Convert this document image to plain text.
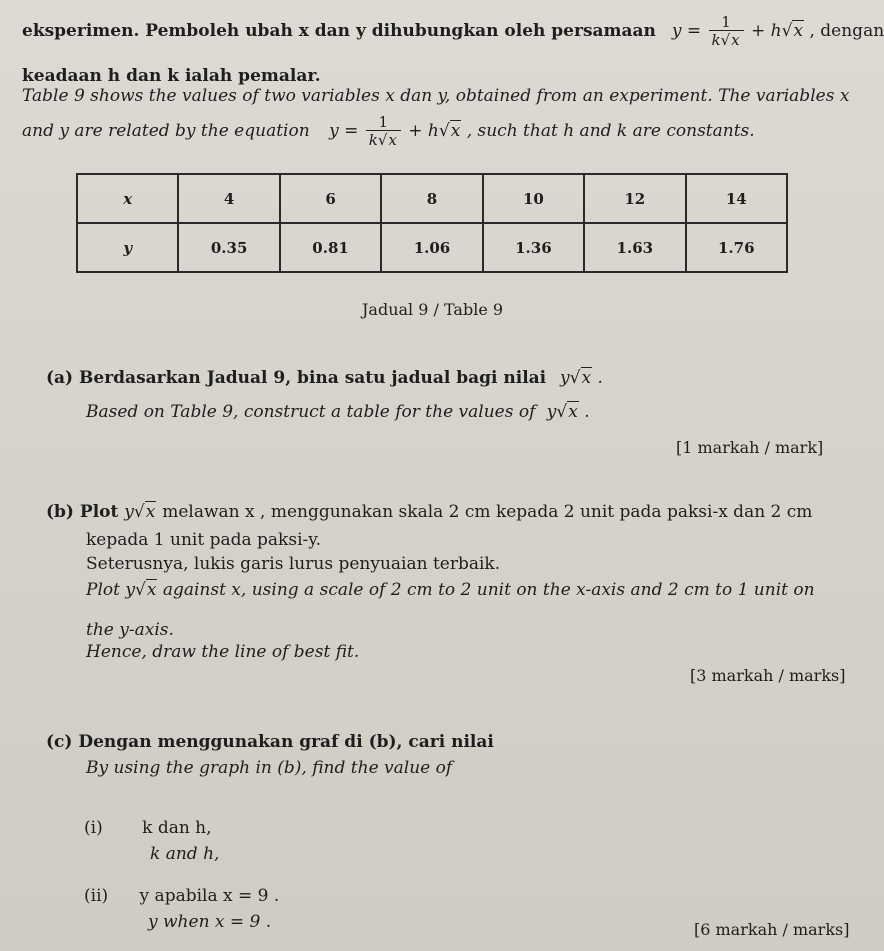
eksperimen. Pemboleh ubah x dan y dihubungkan oleh persamaan $y = \frac{1}{k√x} + h√x$ , dengan
keadaan h dan k ialah pemalar.
Table 9 shows the values of two variables x dan y, obtained from an experiment. The variables x
and y are related by the equation $y = \frac{1}{k√x} + h√x$ , such that h and k are constants.
x	4	6	8	10	12	14
y	0.35	0.81	1.06	1.36	1.63	1.76
Jadual 9 / Table 9
(a) Berdasarkan Jadual 9, bina satu jadual bagi nilai y√x .
Based on Table 9, construct a table for the values of y√x .
[1 markah / mark]
(b) Plot y√x melawan x , menggunakan skala 2 cm kepada 2 unit pada paksi-x dan 2 cm
kepada 1 unit pada paksi-y.
Seterusnya, lukis garis lurus penyuaian terbaik.
Plot y√x against x, using a scale of 2 cm to 2 unit on the x-axis and 2 cm to 1 unit on
the y-axis.
Hence, draw the line of best fit.
[3 markah / marks]
(c) Dengan menggunakan graf di (b), cari nilai
By using the graph in (b), find the value of
(i) k dan h,
k and h,
(ii) y apabila x = 9 .
y when x = 9 .	[6 markah / marks]
